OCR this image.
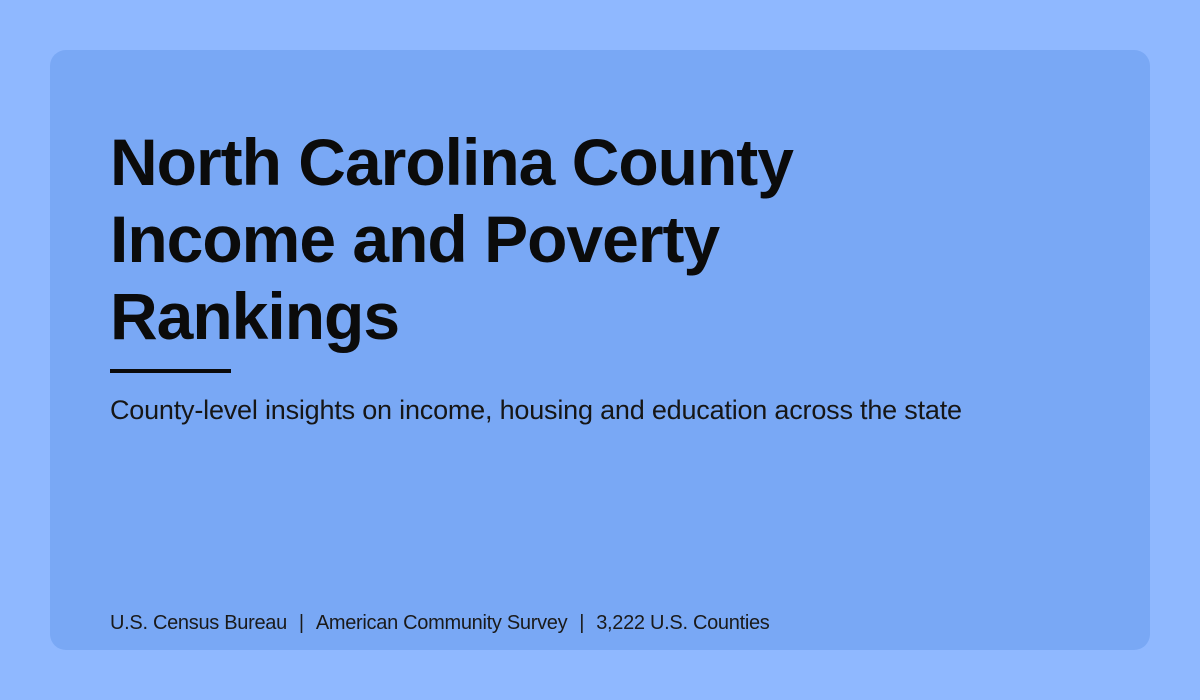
North Carolina County
Income and Poverty
Rankings

County-level insights on income, housing and education across the state

U.S. Census Bureau | American Community Survey | 3,222 U.S. Counties
